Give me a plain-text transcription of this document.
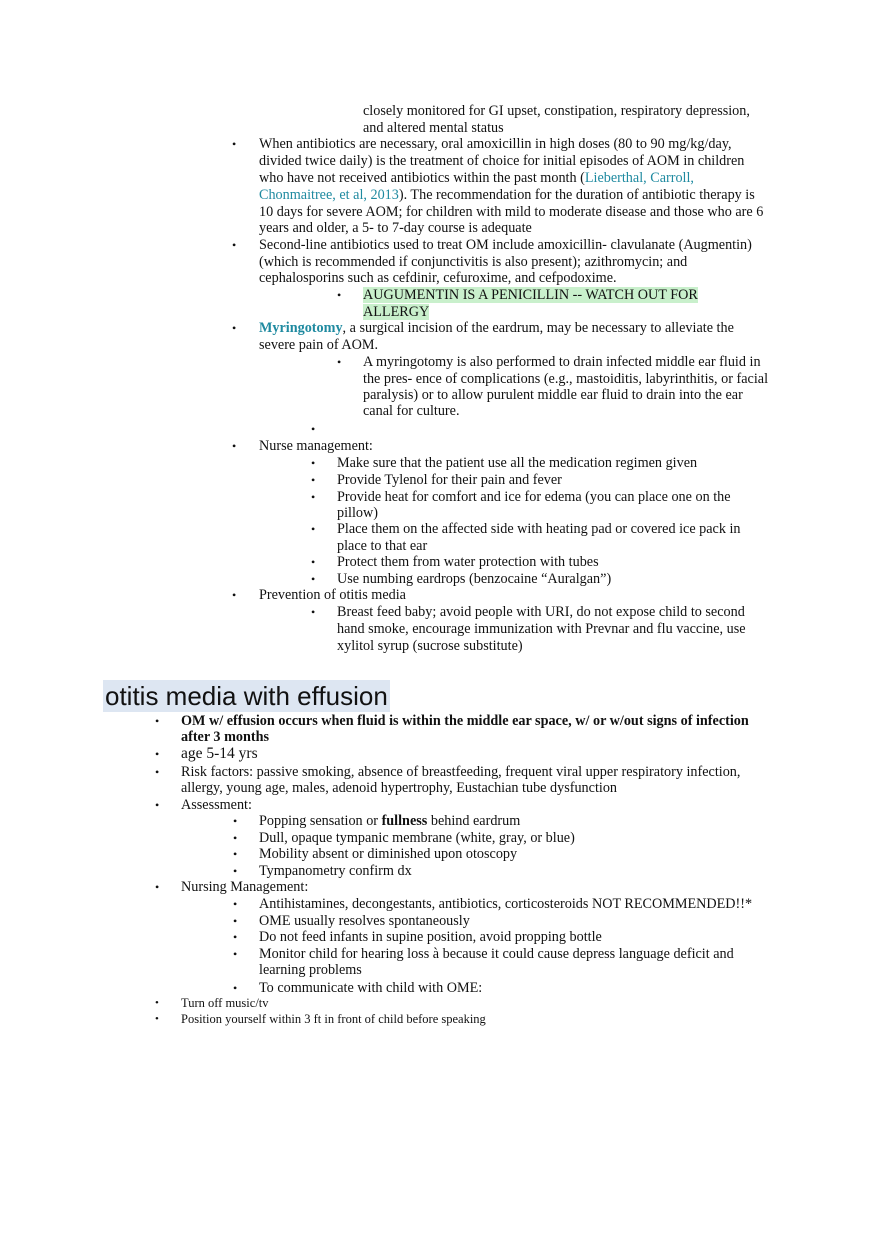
closely monitored for GI upset, constipation, respiratory depression,
and altered mental status
• When antibiotics are necessary, oral amoxicillin in high doses (80 to 90 mg/kg/day,
divided twice daily) is the treatment of choice for initial episodes of AOM in children
who have not received antibiotics within the past month (Lieberthal, Carroll,
Chonmaitree, et al, 2013). The recommendation for the duration of antibiotic therapy is
10 days for severe AOM; for children with mild to moderate disease and those who are 6
years and older, a 5- to 7-day course is adequate
• Second-line antibiotics used to treat OM include amoxicillin- clavulanate (Augmentin)
(which is recommended if conjunctivitis is also present); azithromycin; and
cephalosporins such as cefdinir, cefuroxime, and cefpodoxime.
• AUGUMENTIN IS A PENICILLIN -- WATCH OUT FOR
ALLERGY
• Myringotomy, a surgical incision of the eardrum, may be necessary to alleviate the
severe pain of AOM.
• A myringotomy is also performed to drain infected middle ear fluid in
the pres- ence of complications (e.g., mastoiditis, labyrinthitis, or facial
paralysis) or to allow purulent middle ear fluid to drain into the ear
canal for culture.
•
• Nurse management:
• Make sure that the patient use all the medication regimen given
• Provide Tylenol for their pain and fever
• Provide heat for comfort and ice for edema (you can place one on the
pillow)
• Place them on the affected side with heating pad or covered ice pack in
place to that ear
• Protect them from water protection with tubes
• Use numbing eardrops (benzocaine “Auralgan”)
• Prevention of otitis media
• Breast feed baby; avoid people with URI, do not expose child to second
hand smoke, encourage immunization with Prevnar and flu vaccine, use
xylitol syrup (sucrose substitute)
otitis media with effusion
• OM w/ effusion occurs when fluid is within the middle ear space, w/ or w/out signs of infection
after 3 months
• age 5-14 yrs
• Risk factors: passive smoking, absence of breastfeeding, frequent viral upper respiratory infection,
allergy, young age, males, adenoid hypertrophy, Eustachian tube dysfunction
• Assessment:
• Popping sensation or fullness behind eardrum
• Dull, opaque tympanic membrane (white, gray, or blue)
• Mobility absent or diminished upon otoscopy
• Tympanometry confirm dx
• Nursing Management:
• Antihistamines, decongestants, antibiotics, corticosteroids NOT RECOMMENDED!!*
• OME usually resolves spontaneously
• Do not feed infants in supine position, avoid propping bottle
• Monitor child for hearing loss à because it could cause depress language deficit and
learning problems
• To communicate with child with OME:
• Turn off music/tv
• Position yourself within 3 ft in front of child before speaking
